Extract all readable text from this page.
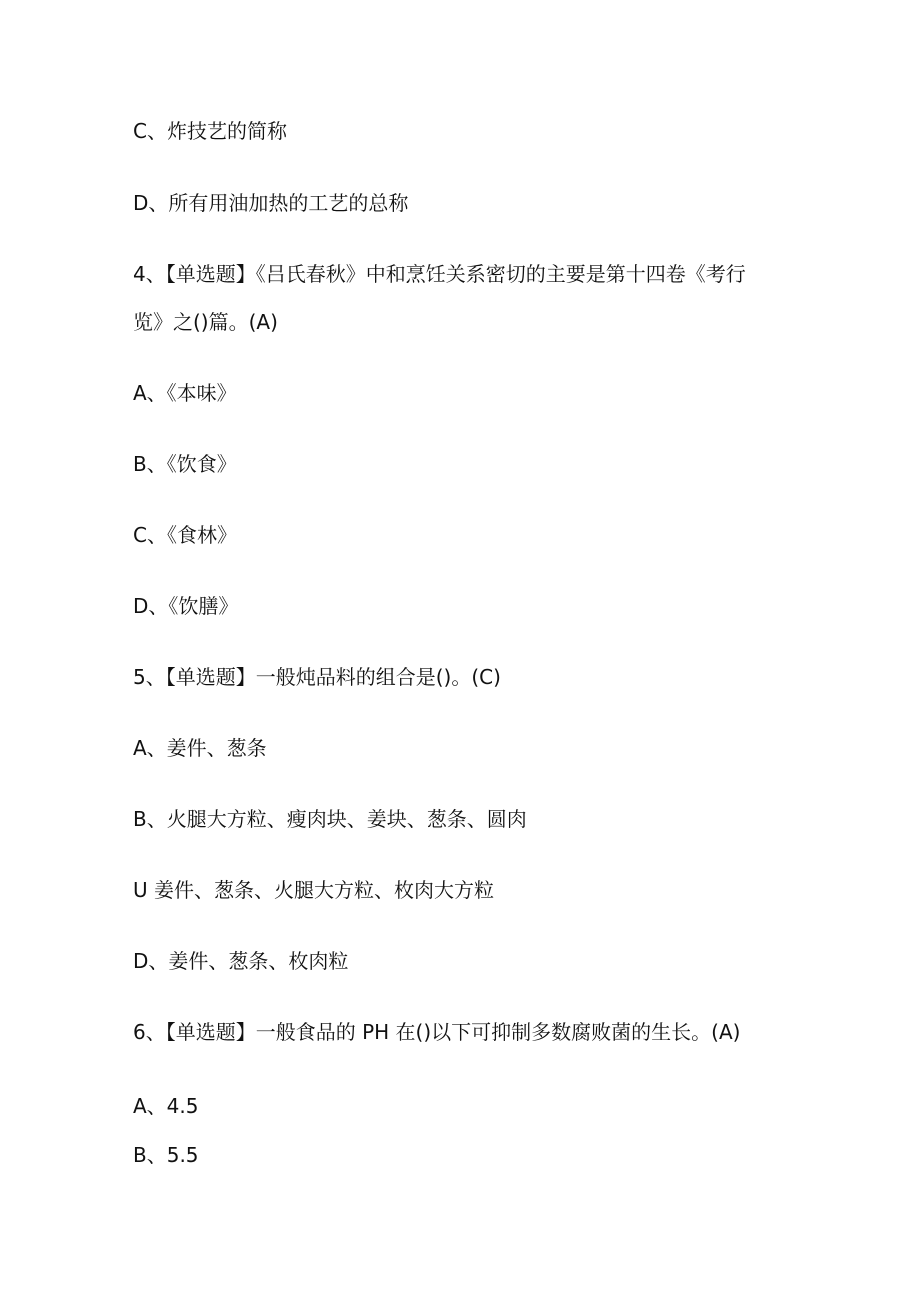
C、炸技艺的简称
D、所有用油加热的工艺的总称
4、【单选题】《吕氏春秋》中和烹饪关系密切的主要是第十四卷《考行
览》之()篇。(A)
A、《本味》
B、《饮食》
C、《食林》
D、《饮膳》
5、【单选题】一般炖品料的组合是()。(C)
A、姜件、葱条
B、火腿大方粒、瘦肉块、姜块、葱条、圆肉
U 姜件、葱条、火腿大方粒、枚肉大方粒
D、姜件、葱条、枚肉粒
6、【单选题】一般食品的 PH 在()以下可抑制多数腐败菌的生长。(A)
A、4.5
B、5.5
